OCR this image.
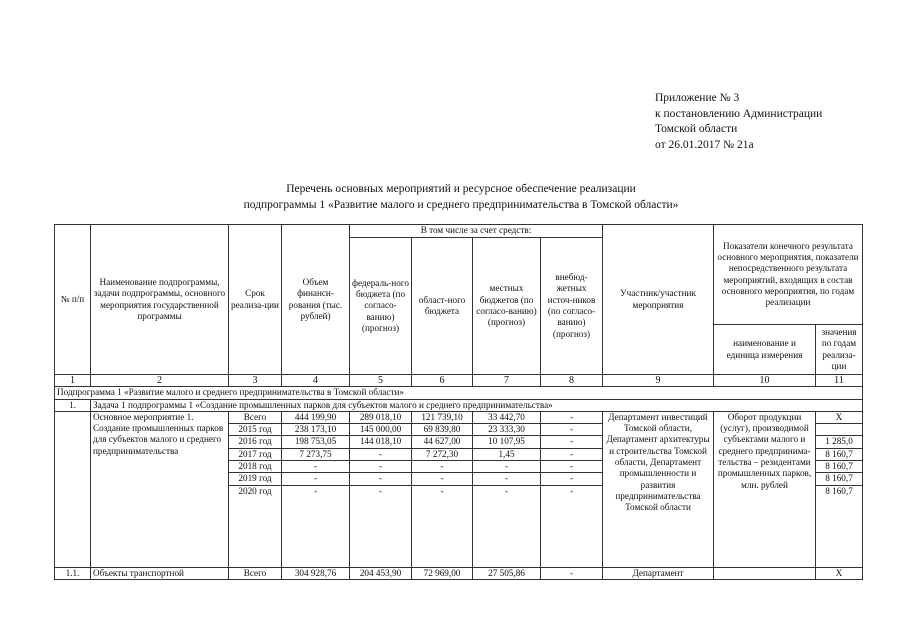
Приложение № 3
к постановлению Администрации
Томской области
от 26.01.2017 № 21а
Перечень основных мероприятий и ресурсное обеспечение реализации
подпрограммы 1 «Развитие малого и среднего предпринимательства в Томской области»
№ п/п	Наименование подпрограммы, задачи подпрограммы, основного мероприятия государственной программы	Срок реализа-ции	Объем финанси-рования (тыс. рублей)	В том числе за счет средств:				Участник/участник мероприятия	Показатели конечного результата основного мероприятия, показатели непосредственного результата мероприятий, входящих в состав основного мероприятия, по годам реализации	
				федераль-ного бюджета (по согласо-ванию) (прогноз)	област-ного бюджета	местных бюджетов (по согласо-ванию) (прогноз)	внебюд-жетных источ-ников (по согласо-ванию) (прогноз)			
									наименование и единица измерения	значения по годам реализа-ции
1	2	3	4	5	6	7	8	9	10	11
Подпрограмма 1 «Развитие малого и среднего предпринимательства в Томской области»										
1.	Задача 1 подпрограммы 1 «Создание промышленных парков для субъектов малого и среднего предпринимательства»									
	Основное мероприятие 1. Создание промышленных парков для субъектов малого и среднего предпринимательства	Всего	444 199,90	289 018,10	121 739,10	33 442,70	-	Департамент инвестиций Томской области, Департамент архитектуры и строительства Томской области, Департамент промышленности и развития предпринимательства Томской области	Оборот продукции (услуг), производимой субъектами малого и среднего предпринима-тельства – резидентами промышленных парков, млн. рублей	Х
		2015 год	238 173,10	145 000,00	69 839,80	23 333,30	-			
		2016 год	198 753,05	144 018,10	44 627,00	10 107,95	-			1 285,0
		2017 год	7 273,75	-	7 272,30	1,45	-			8 160,7
		2018 год	-	-	-	-	-			8 160,7
		2019 год	-	-	-	-	-			8 160,7
		2020 год	-	-	-	-	-			8 160,7
1.1.	Объекты транспортной	Всего	304 928,76	204 453,90	72 969,00	27 505,86	-	Департамент		Х
